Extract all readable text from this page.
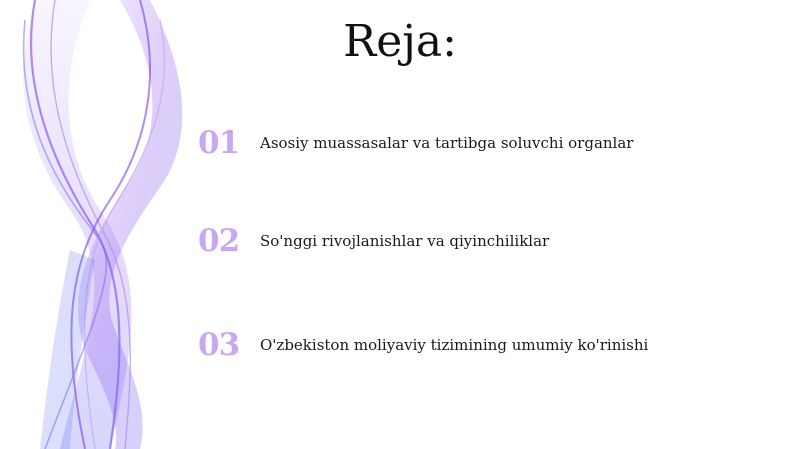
Reja:
01	Asosiy muassasalar va tartibga soluvchi organlar
02	So'nggi rivojlanishlar va qiyinchiliklar
03	O'zbekiston moliyaviy tizimining umumiy ko'rinishi
